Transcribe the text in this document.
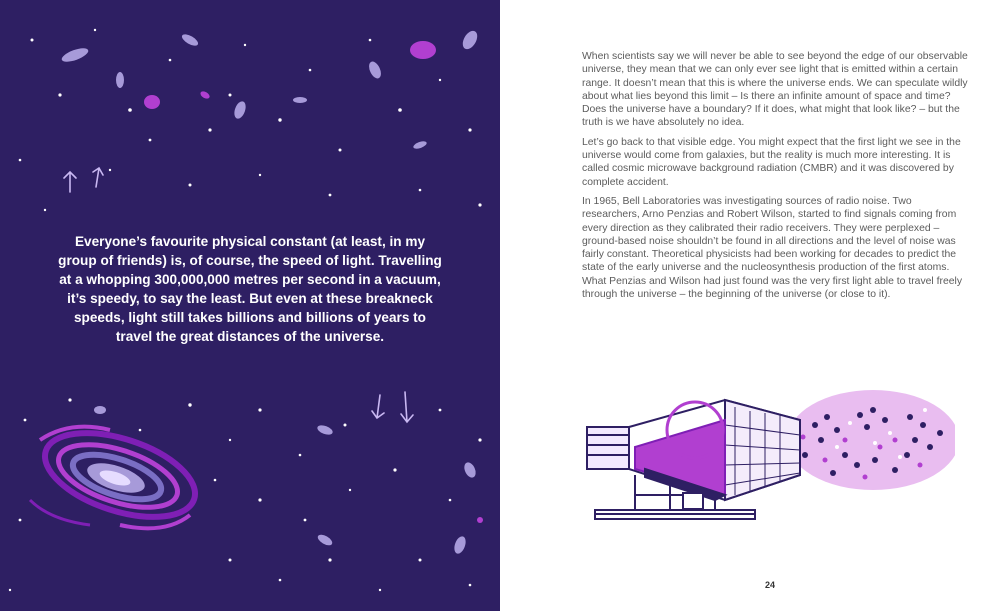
Everyone’s favourite physical constant (at least, in my group of friends) is, of course, the speed of light. Travelling at a whopping 300,000,000 metres per second in a vacuum, it’s speedy, to say the least. But even at these breakneck speeds, light still takes billions and billions of years to travel the great distances of the universe.

When scientists say we will never be able to see beyond the edge of our observable universe, they mean that we can only ever see light that is emitted within a certain range. It doesn’t mean that this is where the universe ends. We can speculate wildly about what lies beyond this limit – Is there an infinite amount of space and time? Does the universe have a boundary? If it does, what might that look like? – but the truth is we have absolutely no idea.

Let’s go back to that visible edge. You might expect that the first light we see in the universe would come from galaxies, but the reality is much more interesting. It is called cosmic microwave background radiation (CMBR) and it was discovered by complete accident.

In 1965, Bell Laboratories was investigating sources of radio noise. Two researchers, Arno Penzias and Robert Wilson, started to find signals coming from every direction as they calibrated their radio receivers. They were perplexed –ground-based noise shouldn’t be found in all directions and the level of noise was fairly constant. Theoretical physicists had been working for decades to predict the state of the early universe and the nucleosynthesis production of the first atoms. What Penzias and Wilson had just found was the very first light able to travel freely through the universe – the beginning of the universe (or close to it).

24
